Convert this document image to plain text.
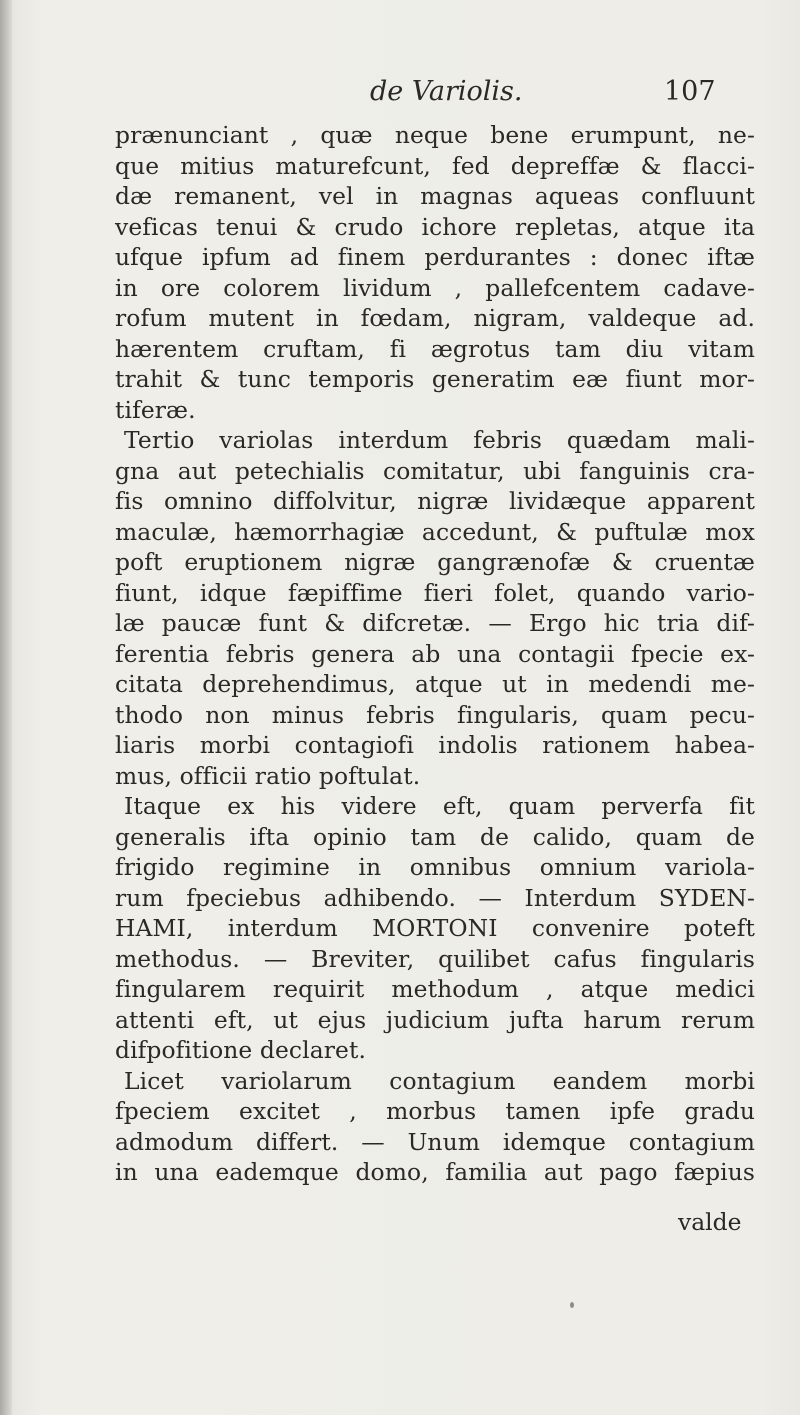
de Variolis.	107
prænunciant , quæ neque bene erumpunt, ne-
que mitius maturefcunt, fed depreffæ & flacci-
dæ remanent, vel in magnas aqueas confluunt
veficas tenui & crudo ichore repletas, atque ita
ufque ipfum ad finem perdurantes : donec iftæ
in ore colorem lividum , pallefcentem cadave-
rofum mutent in fœdam, nigram, valdeque ad.
hærentem cruftam, fi ægrotus tam diu vitam
trahit & tunc temporis generatim eæ fiunt mor-
tiferæ.
Tertio variolas interdum febris quædam mali-
gna aut petechialis comitatur, ubi fanguinis cra-
fis omnino diffolvitur, nigræ lividæque apparent
maculæ, hæmorrhagiæ accedunt, & puftulæ mox
poft eruptionem nigræ gangrænofæ & cruentæ
fiunt, idque fæpiffime fieri folet, quando vario-
læ paucæ funt & difcretæ. — Ergo hic tria dif-
ferentia febris genera ab una contagii fpecie ex-
citata deprehendimus, atque ut in medendi me-
thodo non minus febris fingularis, quam pecu-
liaris morbi contagiofi indolis rationem habea-
mus, officii ratio poftulat.
Itaque ex his videre eft, quam perverfa fit
generalis ifta opinio tam de calido, quam de
frigido regimine in omnibus omnium variola-
rum fpeciebus adhibendo. — Interdum SYDEN-
HAMI, interdum MORTONI convenire poteft
methodus. — Breviter, quilibet cafus fingularis
fingularem requirit methodum , atque medici
attenti eft, ut ejus judicium jufta harum rerum
difpofitione declaret.
Licet variolarum contagium eandem morbi
fpeciem excitet , morbus tamen ipfe gradu
admodum differt. — Unum idemque contagium
in una eademque domo, familia aut pago fæpius
valde
